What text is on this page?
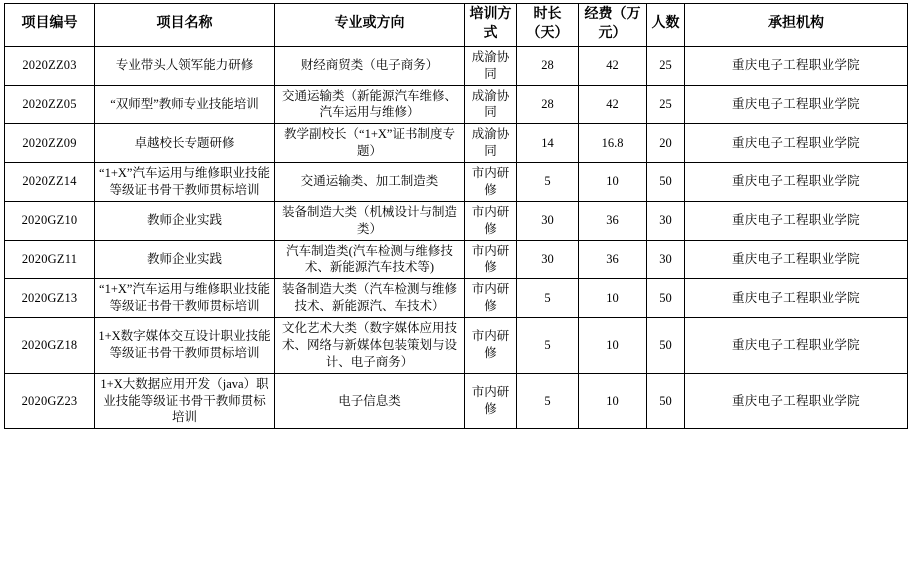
项目编号	项目名称	专业或方向	培训方式	时长（天）	经费（万元）	人数	承担机构
2020ZZ03	专业带头人领军能力研修	财经商贸类（电子商务）	成渝协同	28	42	25	重庆电子工程职业学院
2020ZZ05	“双师型”教师专业技能培训	交通运输类（新能源汽车维修、汽车运用与维修）	成渝协同	28	42	25	重庆电子工程职业学院
2020ZZ09	卓越校长专题研修	教学副校长（“1+X”证书制度专题）	成渝协同	14	16.8	20	重庆电子工程职业学院
2020ZZ14	“1+X”汽车运用与维修职业技能等级证书骨干教师贯标培训	交通运输类、加工制造类	市内研修	5	10	50	重庆电子工程职业学院
2020GZ10	教师企业实践	装备制造大类（机械设计与制造类）	市内研修	30	36	30	重庆电子工程职业学院
2020GZ11	教师企业实践	汽车制造类(汽车检测与维修技术、新能源汽车技术等)	市内研修	30	36	30	重庆电子工程职业学院
2020GZ13	“1+X”汽车运用与维修职业技能等级证书骨干教师贯标培训	装备制造大类（汽车检测与维修技术、新能源汽、车技术）	市内研修	5	10	50	重庆电子工程职业学院
2020GZ18	1+X数字媒体交互设计职业技能等级证书骨干教师贯标培训	文化艺术大类（数字媒体应用技术、网络与新媒体包装策划与设计、电子商务）	市内研修	5	10	50	重庆电子工程职业学院
2020GZ23	1+X大数据应用开发（java）职业技能等级证书骨干教师贯标培训	电子信息类	市内研修	5	10	50	重庆电子工程职业学院
